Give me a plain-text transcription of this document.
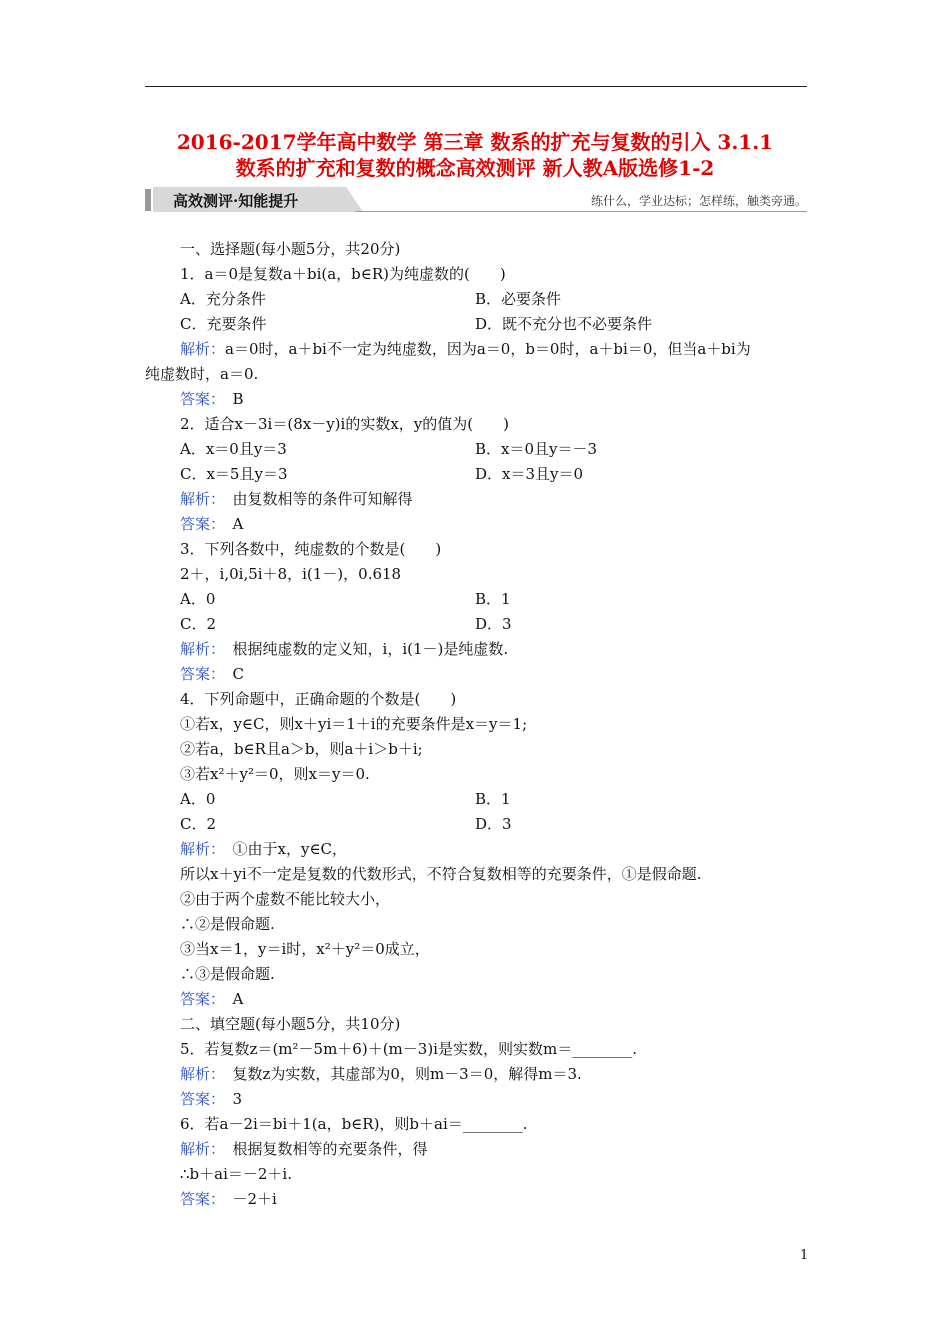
2016-2017学年高中数学 第三章 数系的扩充与复数的引入 3.1.1
数系的扩充和复数的概念高效测评 新人教A版选修1-2
高效测评·知能提升	练什么，学业达标；怎样练，触类旁通。
一、选择题(每小题5分，共20分)
1．a＝0是复数a＋bi(a，b∈R)为纯虚数的(　　)
A．充分条件
C．充要条件
解析：a＝0时，a＋bi不一定为纯虚数，因为a＝0，b＝0时，a＋bi＝0，但当a＋bi为
纯虚数时，a＝0.
答案：　B
2．适合x－3i＝(8x－y)i的实数x，y的值为(　　)
A．x＝0且y＝3
C．x＝5且y＝3
解析：　由复数相等的条件可知解得
答案：　A
3．下列各数中，纯虚数的个数是(　　)
2＋，i,0i,5i＋8，i(1－)，0.618
A．0
C．2
解析：　根据纯虚数的定义知，i，i(1－)是纯虚数.
答案：　C
4．下列命题中，正确命题的个数是(　　)
①若x，y∈C，则x＋yi＝1＋i的充要条件是x＝y＝1;
②若a，b∈R且a＞b，则a＋i＞b＋i;
③若x²＋y²＝0，则x＝y＝0.
A．0
C．2
解析：　①由于x，y∈C，
所以x＋yi不一定是复数的代数形式，不符合复数相等的充要条件，①是假命题.
②由于两个虚数不能比较大小，
∴②是假命题.
③当x＝1，y＝i时，x²＋y²＝0成立，
∴③是假命题.
答案：　A
二、填空题(每小题5分，共10分)
5．若复数z＝(m²－5m＋6)＋(m－3)i是实数，则实数m＝________.
解析：　复数z为实数，其虚部为0，则m－3＝0，解得m＝3.
答案：　3
6．若a－2i＝bi＋1(a，b∈R)，则b＋ai＝________.
解析：　根据复数相等的充要条件，得
∴b＋ai＝－2＋i.
答案：　－2＋i
B．必要条件
D．既不充分也不必要条件
B．x＝0且y＝－3
D．x＝3且y＝0
B．1
D．3
B．1
D．3
1
